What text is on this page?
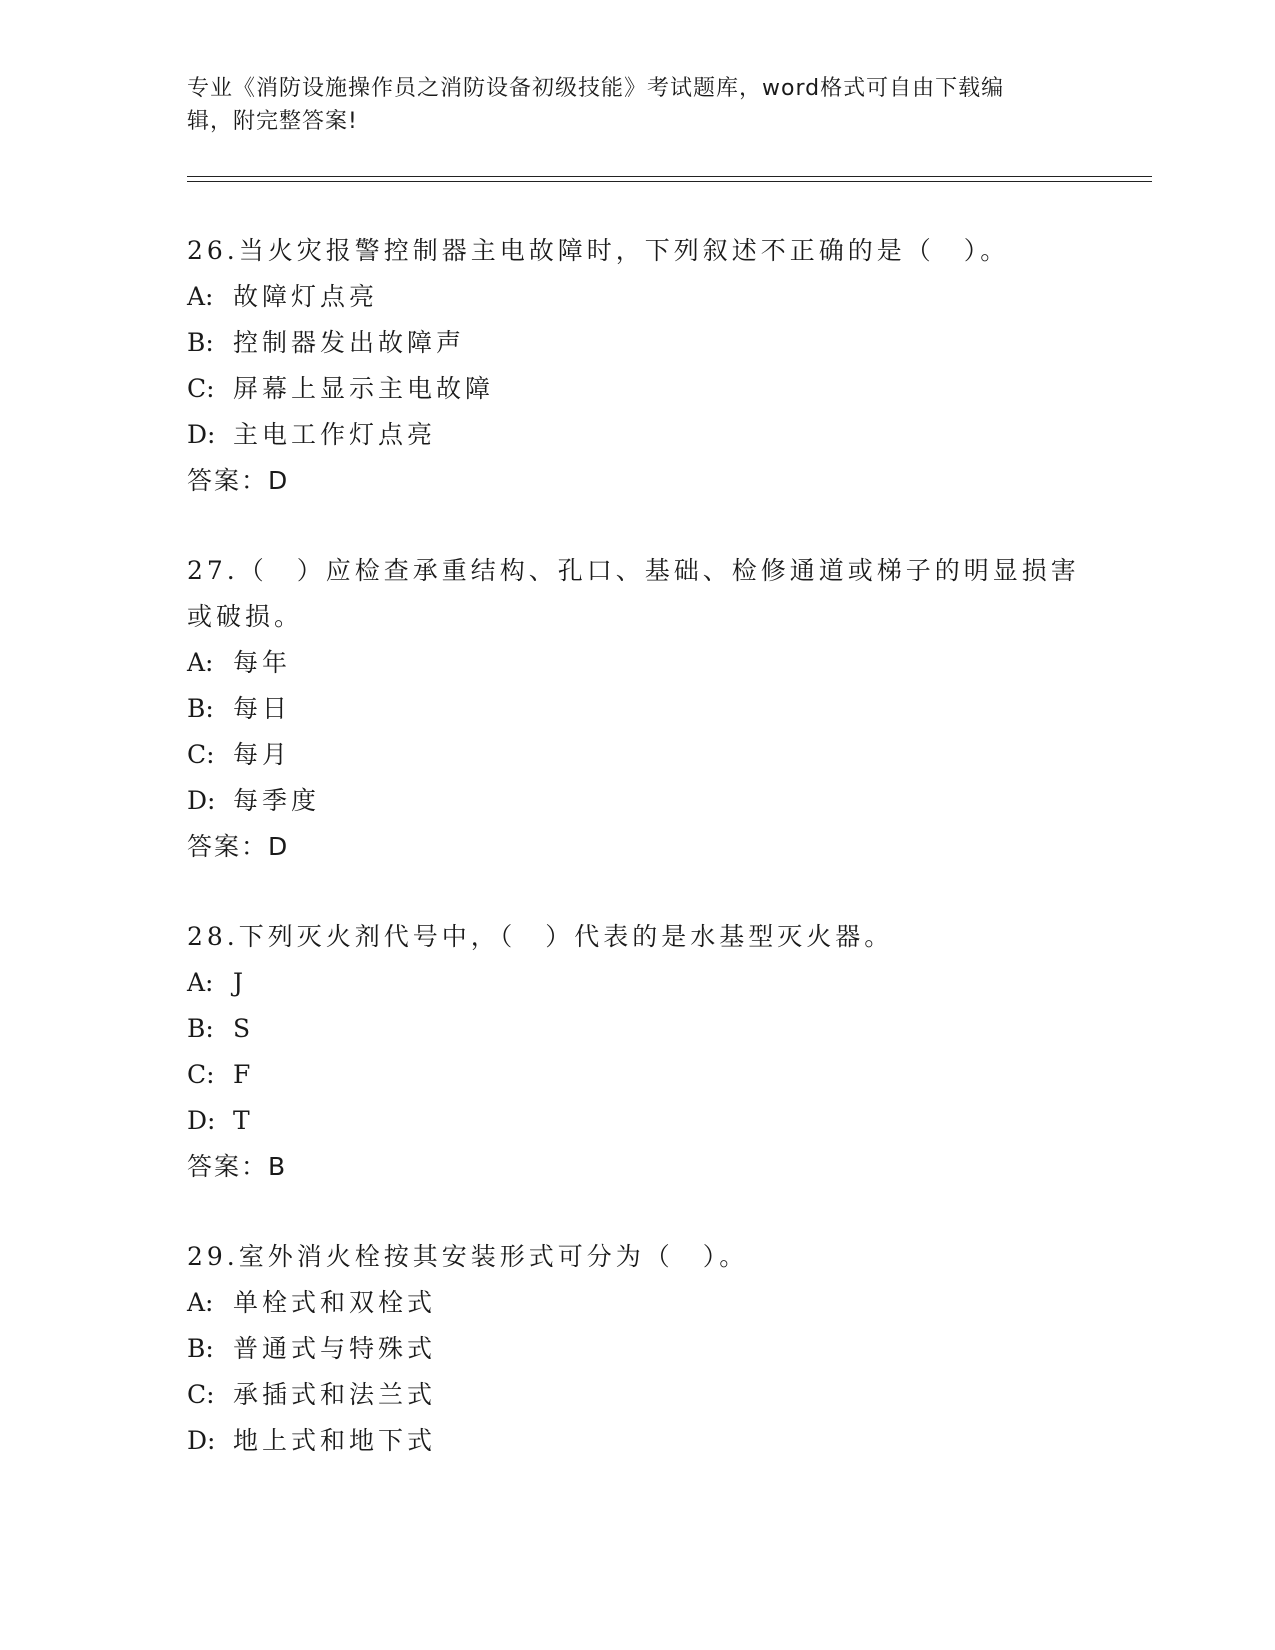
专业《消防设施操作员之消防设备初级技能》考试题库，word格式可自由下载编
辑，附完整答案!
26.当火灾报警控制器主电故障时，下列叙述不正确的是（　）。
A: 故障灯点亮
B: 控制器发出故障声
C: 屏幕上显示主电故障
D: 主电工作灯点亮
答案：D
27.（　）应检查承重结构、孔口、基础、检修通道或梯子的明显损害
或破损。
A: 每年
B: 每日
C: 每月
D: 每季度
答案：D
28.下列灭火剂代号中，（　）代表的是水基型灭火器。
A: J
B: S
C: F
D: T
答案：B
29.室外消火栓按其安装形式可分为（　）。
A: 单栓式和双栓式
B: 普通式与特殊式
C: 承插式和法兰式
D: 地上式和地下式
